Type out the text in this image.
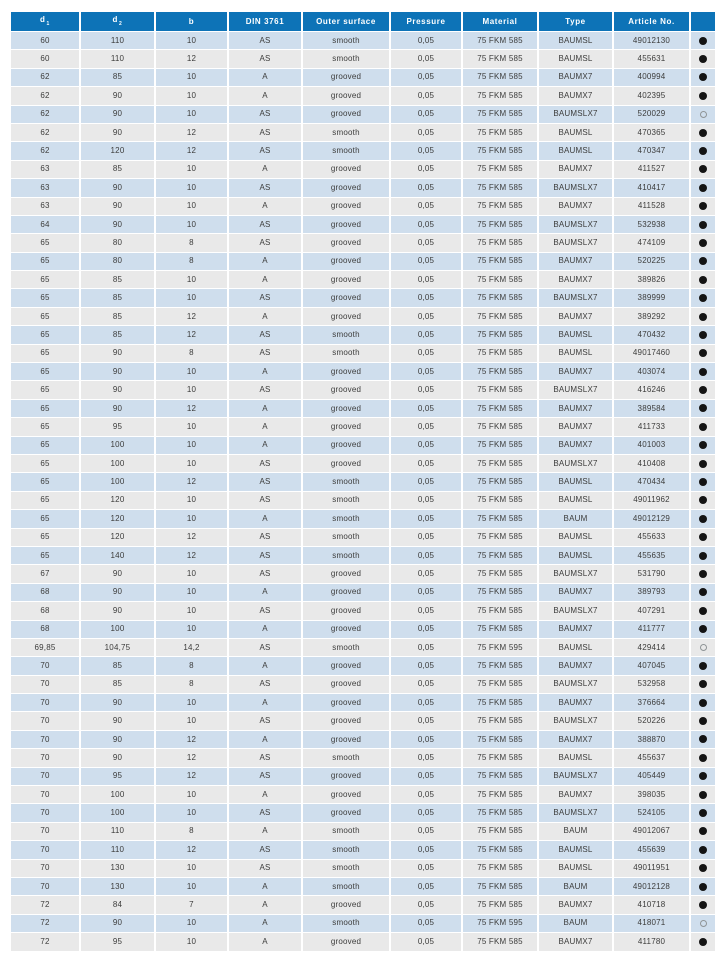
$d_1$	$d_2$	b	DIN 3761	Outer surface	Pressure	Material	Type	Article No.	
60	110	10	AS	smooth	0,05	75 FKM 585	BAUMSL	49012130	
60	110	12	AS	smooth	0,05	75 FKM 585	BAUMSL	455631	
62	85	10	A	grooved	0,05	75 FKM 585	BAUMX7	400994	
62	90	10	A	grooved	0,05	75 FKM 585	BAUMX7	402395	
62	90	10	AS	grooved	0,05	75 FKM 585	BAUMSLX7	520029	
62	90	12	AS	smooth	0,05	75 FKM 585	BAUMSL	470365	
62	120	12	AS	smooth	0,05	75 FKM 585	BAUMSL	470347	
63	85	10	A	grooved	0,05	75 FKM 585	BAUMX7	411527	
63	90	10	AS	grooved	0,05	75 FKM 585	BAUMSLX7	410417	
63	90	10	A	grooved	0,05	75 FKM 585	BAUMX7	411528	
64	90	10	AS	grooved	0,05	75 FKM 585	BAUMSLX7	532938	
65	80	8	AS	grooved	0,05	75 FKM 585	BAUMSLX7	474109	
65	80	8	A	grooved	0,05	75 FKM 585	BAUMX7	520225	
65	85	10	A	grooved	0,05	75 FKM 585	BAUMX7	389826	
65	85	10	AS	grooved	0,05	75 FKM 585	BAUMSLX7	389999	
65	85	12	A	grooved	0,05	75 FKM 585	BAUMX7	389292	
65	85	12	AS	smooth	0,05	75 FKM 585	BAUMSL	470432	
65	90	8	AS	smooth	0,05	75 FKM 585	BAUMSL	49017460	
65	90	10	A	grooved	0,05	75 FKM 585	BAUMX7	403074	
65	90	10	AS	grooved	0,05	75 FKM 585	BAUMSLX7	416246	
65	90	12	A	grooved	0,05	75 FKM 585	BAUMX7	389584	
65	95	10	A	grooved	0,05	75 FKM 585	BAUMX7	411733	
65	100	10	A	grooved	0,05	75 FKM 585	BAUMX7	401003	
65	100	10	AS	grooved	0,05	75 FKM 585	BAUMSLX7	410408	
65	100	12	AS	smooth	0,05	75 FKM 585	BAUMSL	470434	
65	120	10	AS	smooth	0,05	75 FKM 585	BAUMSL	49011962	
65	120	10	A	smooth	0,05	75 FKM 585	BAUM	49012129	
65	120	12	AS	smooth	0,05	75 FKM 585	BAUMSL	455633	
65	140	12	AS	smooth	0,05	75 FKM 585	BAUMSL	455635	
67	90	10	AS	grooved	0,05	75 FKM 585	BAUMSLX7	531790	
68	90	10	A	grooved	0,05	75 FKM 585	BAUMX7	389793	
68	90	10	AS	grooved	0,05	75 FKM 585	BAUMSLX7	407291	
68	100	10	A	grooved	0,05	75 FKM 585	BAUMX7	411777	
69,85	104,75	14,2	AS	smooth	0,05	75 FKM 595	BAUMSL	429414	
70	85	8	A	grooved	0,05	75 FKM 585	BAUMX7	407045	
70	85	8	AS	grooved	0,05	75 FKM 585	BAUMSLX7	532958	
70	90	10	A	grooved	0,05	75 FKM 585	BAUMX7	376664	
70	90	10	AS	grooved	0,05	75 FKM 585	BAUMSLX7	520226	
70	90	12	A	grooved	0,05	75 FKM 585	BAUMX7	388870	
70	90	12	AS	smooth	0,05	75 FKM 585	BAUMSL	455637	
70	95	12	AS	grooved	0,05	75 FKM 585	BAUMSLX7	405449	
70	100	10	A	grooved	0,05	75 FKM 585	BAUMX7	398035	
70	100	10	AS	grooved	0,05	75 FKM 585	BAUMSLX7	524105	
70	110	8	A	smooth	0,05	75 FKM 585	BAUM	49012067	
70	110	12	AS	smooth	0,05	75 FKM 585	BAUMSL	455639	
70	130	10	AS	smooth	0,05	75 FKM 585	BAUMSL	49011951	
70	130	10	A	smooth	0,05	75 FKM 585	BAUM	49012128	
72	84	7	A	grooved	0,05	75 FKM 585	BAUMX7	410718	
72	90	10	A	smooth	0,05	75 FKM 595	BAUM	418071	
72	95	10	A	grooved	0,05	75 FKM 585	BAUMX7	411780	
